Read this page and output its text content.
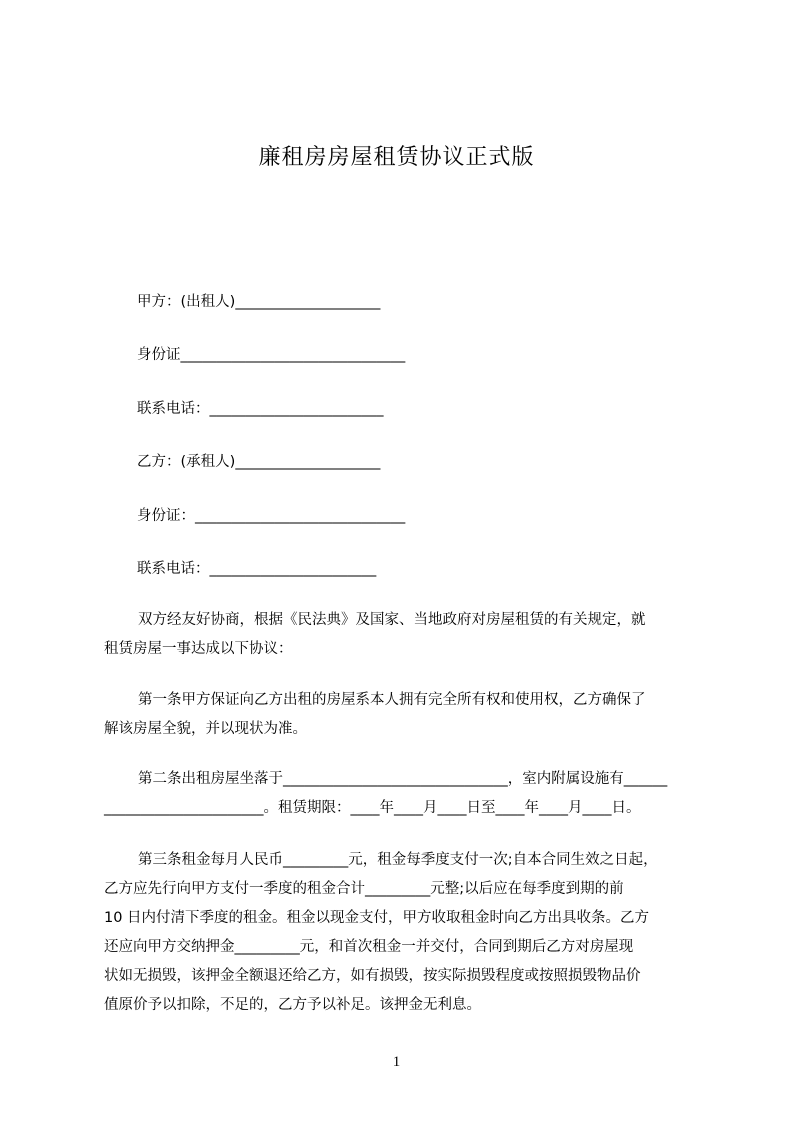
廉租房房屋租赁协议正式版
甲方：(出租人)____________________
身份证_______________________________
联系电话：________________________
乙方：(承租人)____________________
身份证：_____________________________
联系电话：_______________________

双方经友好协商，根据《民法典》及国家、当地政府对房屋租赁的有关规定，就

租赁房屋一事达成以下协议：

第一条甲方保证向乙方出租的房屋系本人拥有完全所有权和使用权，乙方确保了

解该房屋全貌，并以现状为准。

第二条出租房屋坐落于_______________________________，室内附属设施有______

______________________。租赁期限：____年____月____日至____年____月____日。

第三条租金每月人民币_________元，租金每季度支付一次;自本合同生效之日起，

乙方应先行向甲方支付一季度的租金合计_________元整;以后应在每季度到期的前

10 日内付清下季度的租金。租金以现金支付，甲方收取租金时向乙方出具收条。乙方

还应向甲方交纳押金_________元，和首次租金一并交付，合同到期后乙方对房屋现

状如无损毁，该押金全额退还给乙方，如有损毁，按实际损毁程度或按照损毁物品价

值原价予以扣除，不足的，乙方予以补足。该押金无利息。

1
